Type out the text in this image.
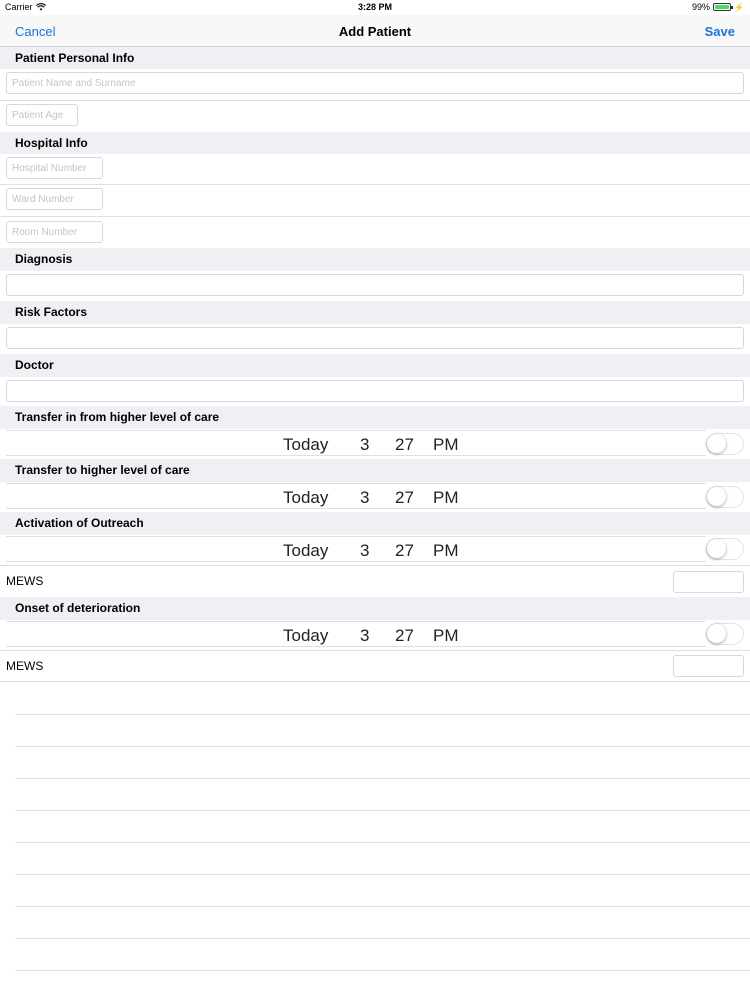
Carrier	3:28 PM	99%	⚡
Cancel	Add Patient	Save
Patient Personal Info
Patient Name and Surname
Patient Age
Hospital Info
Hospital Number
Ward Number
Room Number
Diagnosis
Risk Factors
Doctor
Transfer in from higher level of care
Today 3 27 PM
Transfer to higher level of care
Today 3 27 PM
Activation of Outreach
Today 3 27 PM
MEWS
Onset of deterioration
Today 3 27 PM
MEWS
